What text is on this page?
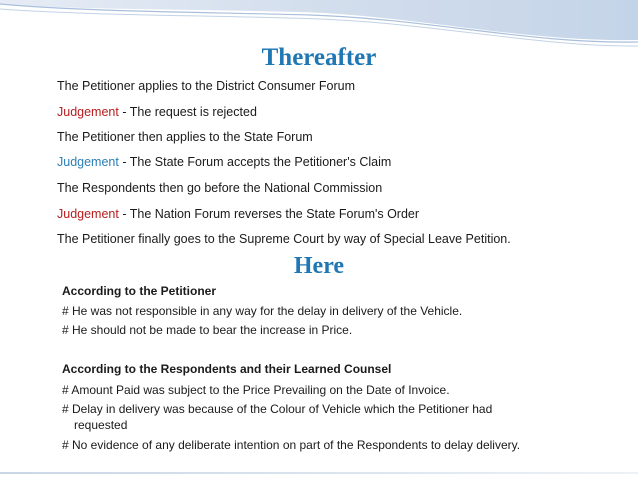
Thereafter

The Petitioner applies to the District Consumer Forum

Judgement - The request is rejected

The Petitioner then applies to the State Forum

Judgement - The State Forum accepts the Petitioner's Claim

The Respondents then go before the National Commission

Judgement - The Nation Forum reverses the State Forum's Order

The Petitioner finally goes to the Supreme Court by way of Special Leave Petition.

Here

According to the Petitioner

# He was not responsible in any way for the delay in delivery of the Vehicle.

# He should not be made to bear the increase in Price.

According to the Respondents and their Learned Counsel

# Amount Paid was subject to the Price Prevailing on the Date of Invoice.

# Delay in delivery was because of the Colour of Vehicle which the Petitioner had

requested

# No evidence of any deliberate intention on part of the Respondents to delay delivery.
